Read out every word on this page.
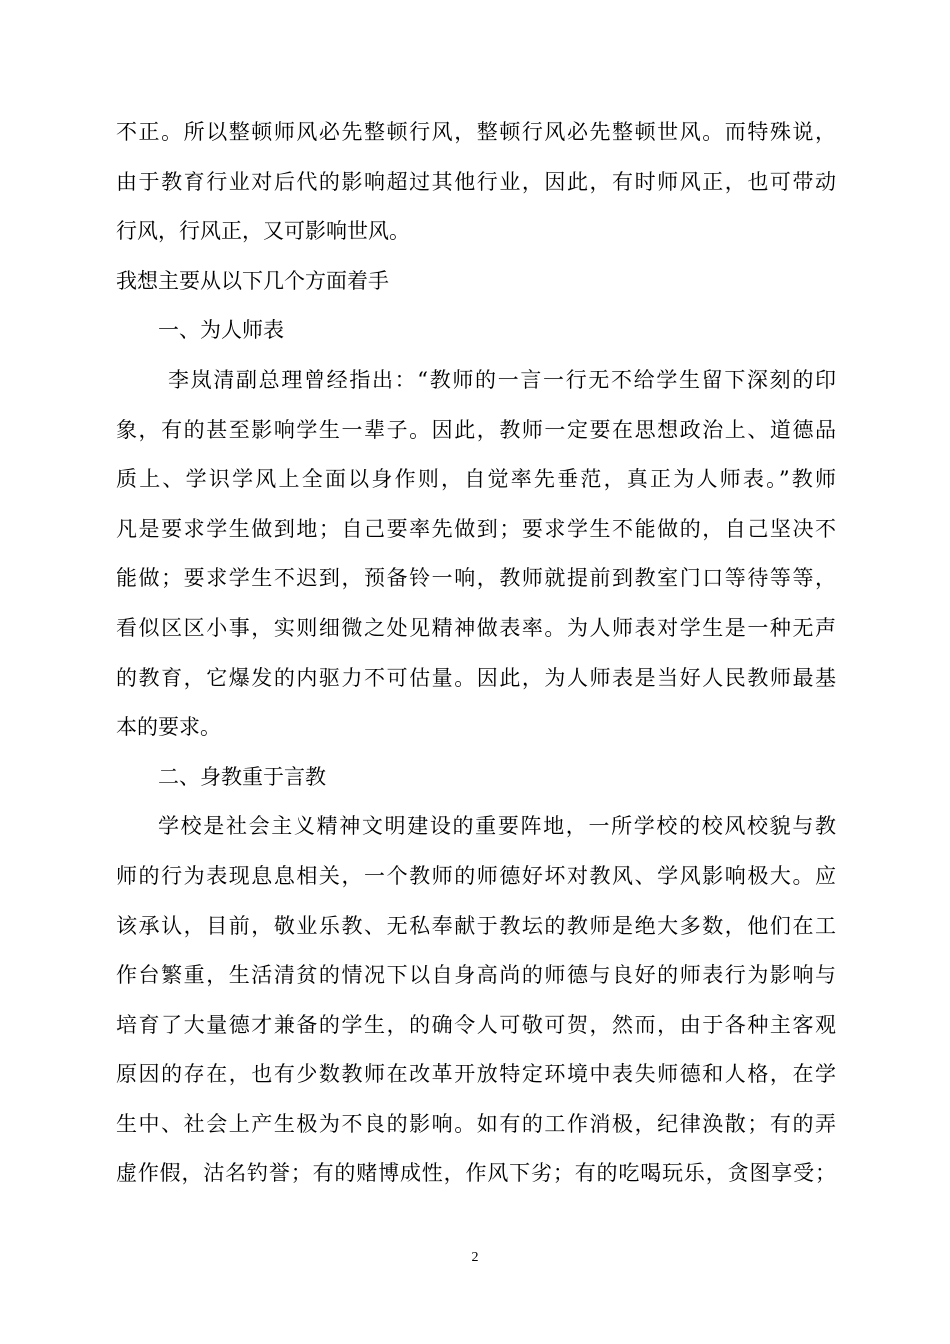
不正。所以整顿师风必先整顿行风，整顿行风必先整顿世风。而特殊说，
由于教育行业对后代的影响超过其他行业，因此，有时师风正，也可带动
行风，行风正，又可影响世风。
我想主要从以下几个方面着手
一、为人师表
李岚清副总理曾经指出：“教师的一言一行无不给学生留下深刻的印
象，有的甚至影响学生一辈子。因此，教师一定要在思想政治上、道德品
质上、学识学风上全面以身作则，自觉率先垂范，真正为人师表。”教师
凡是要求学生做到地；自己要率先做到；要求学生不能做的，自己坚决不
能做；要求学生不迟到，预备铃一响，教师就提前到教室门口等待等等，
看似区区小事，实则细微之处见精神做表率。为人师表对学生是一种无声
的教育，它爆发的内驱力不可估量。因此，为人师表是当好人民教师最基
本的要求。
二、身教重于言教
学校是社会主义精神文明建设的重要阵地，一所学校的校风校貌与教
师的行为表现息息相关，一个教师的师德好坏对教风、学风影响极大。应
该承认，目前，敬业乐教、无私奉献于教坛的教师是绝大多数，他们在工
作台繁重，生活清贫的情况下以自身高尚的师德与良好的师表行为影响与
培育了大量德才兼备的学生，的确令人可敬可贺，然而，由于各种主客观
原因的存在，也有少数教师在改革开放特定环境中表失师德和人格，在学
生中、社会上产生极为不良的影响。如有的工作消极，纪律涣散；有的弄
虚作假，沽名钓誉；有的赌博成性，作风下劣；有的吃喝玩乐，贪图享受；
2
